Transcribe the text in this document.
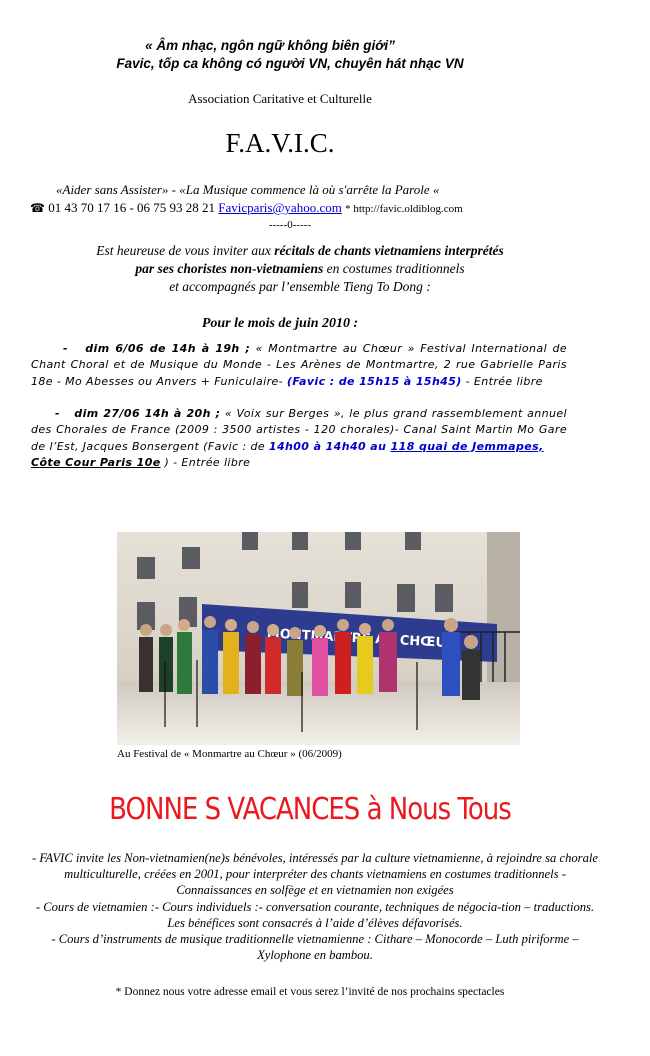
« Âm nhạc, ngôn ngữ không biên giới”
Favic, tốp ca không có người VN, chuyên hát nhạc VN
Association Caritative et Culturelle
F.A.V.I.C.
«Aider sans Assister» - «La Musique commence là où s'arrête la Parole «
☎ 01 43 70 17 16 - 06 75 93 28 21 Favicparis@yahoo.com * http://favic.oldiblog.com
-----0-----
Est heureuse de vous inviter aux récitals de chants vietnamiens interprétés
par ses choristes non-vietnamiens en costumes traditionnels
et accompagnés par l’ensemble Tieng To Dong :
Pour le mois de juin 2010 :
-   dim 6/06 de 14h à 19h ; « Montmartre au Chœur » Festival International de Chant Choral et de Musique du Monde - Les Arènes de Montmartre, 2 rue Gabrielle Paris 18e - Mo Abesses ou Anvers + Funiculaire- (Favic : de 15h15 à 15h45) - Entrée libre
-   dim 27/06 14h à 20h ; « Voix sur Berges », le plus grand rassemblement annuel des Chorales de France (2009 : 3500 artistes - 120 chorales)- Canal Saint Martin Mo Gare de l’Est, Jacques Bonsergent (Favic : de 14h00 à 14h40 au 118 quai de Jemmapes,
Côte Cour Paris 10e ) - Entrée libre
CHŒUR
Au Festival de « Monmartre au Chœur » (06/2009)
BONNE S VACANCES à Nous Tous
- FAVIC invite les Non-vietnamien(ne)s bénévoles, intéressés par la culture vietnamienne, à rejoindre sa chorale multiculturelle, créées en 2001, pour interpréter des chants vietnamiens en costumes traditionnels - Connaissances en solfège et en vietnamien non exigées
- Cours de vietnamien :- Cours individuels :- conversation courante, techniques de négocia-tion – traductions. Les bénéfices sont consacrés à l’aide d’élèves défavorisés.
- Cours d’instruments de musique traditionnelle vietnamienne : Cithare – Monocorde – Luth piriforme – Xylophone en bambou.
* Donnez nous votre adresse email et vous serez l’invité de nos prochains spectacles
